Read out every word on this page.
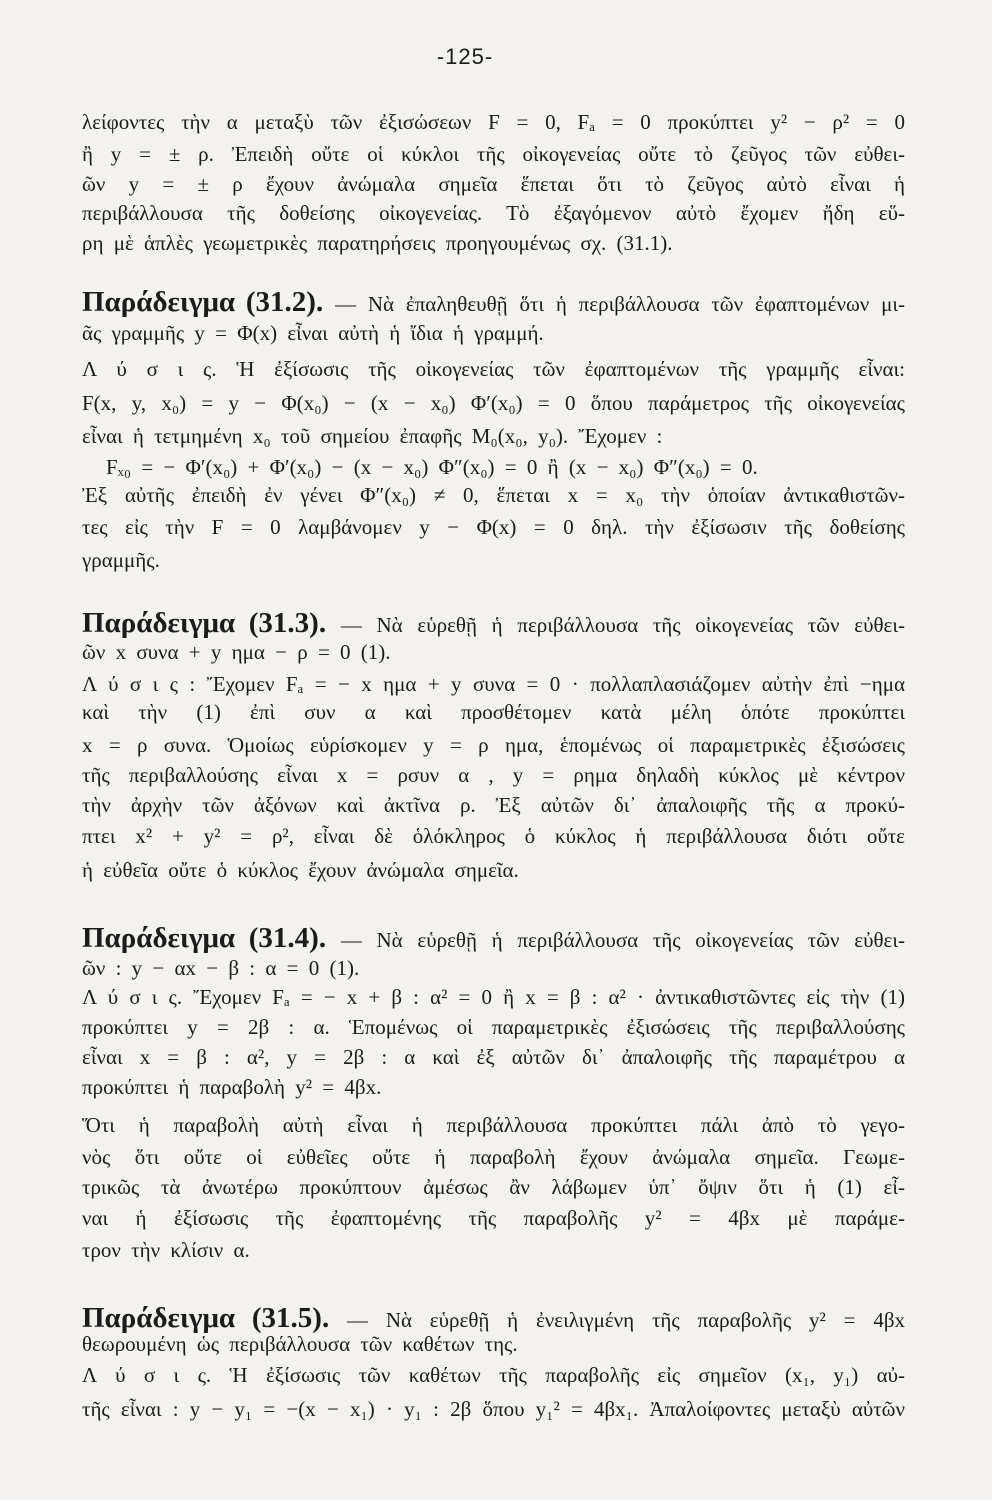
-125-
λείφοντες τὴν α μεταξὺ τῶν ἐξισώσεων F = 0, Fₐ = 0 προκύπτει y² − ρ² = 0
ἢ y = ± ρ. Ἐπειδὴ οὔτε οἱ κύκλοι τῆς οἰκογενείας οὔτε τὸ ζεῦγος τῶν εὐθει-
ῶν y = ± ρ ἔχουν ἀνώμαλα σημεῖα ἕπεται ὅτι τὸ ζεῦγος αὐτὸ εἶναι ἡ
περιβάλλουσα τῆς δοθείσης οἰκογενείας. Τὸ ἐξαγόμενον αὐτὸ ἔχομεν ἤδη εὕ-
ρη μὲ ἁπλὲς γεωμετρικὲς παρατηρήσεις προηγουμένως σχ. (31.1).
Παράδειγμα (31.2). — Νὰ ἐπαληθευθῇ ὅτι ἡ περιβάλλουσα τῶν ἐφαπτομένων μι-
ᾶς γραμμῆς y = Φ(x) εἶναι αὐτὴ ἡ ἴδια ἡ γραμμή.
Λ ύ σ ι ς. Ἡ ἐξίσωσις τῆς οἰκογενείας τῶν ἐφαπτομένων τῆς γραμμῆς εἶναι:
F(x, y, x₀) = y − Φ(x₀) − (x − x₀) Φ′(x₀) = 0 ὅπου παράμετρος τῆς οἰκογενείας
εἶναι ἡ τετμημένη x₀ τοῦ σημείου ἐπαφῆς M₀(x₀, y₀). Ἔχομεν :
Fₓ₀ = − Φ′(x₀) + Φ′(x₀) − (x − x₀) Φ″(x₀) = 0 ἢ (x − x₀) Φ″(x₀) = 0.
Ἐξ αὐτῆς ἐπειδὴ ἐν γένει Φ″(x₀) ≠ 0, ἕπεται x = x₀ τὴν ὁποίαν ἀντικαθιστῶν-
τες εἰς τὴν F = 0 λαμβάνομεν y − Φ(x) = 0 δηλ. τὴν ἐξίσωσιν τῆς δοθείσης
γραμμῆς.
Παράδειγμα (31.3). — Νὰ εὑρεθῇ ἡ περιβάλλουσα τῆς οἰκογενείας τῶν εὐθει-
ῶν x συνα + y ημα − ρ = 0 (1).
Λ ύ σ ι ς : Ἔχομεν Fₐ = − x ημα + y συνα = 0 · πολλαπλασιάζομεν αὐτὴν ἐπὶ −ημα
καὶ τὴν (1) ἐπὶ συν α καὶ προσθέτομεν κατὰ μέλη ὁπότε προκύπτει
x = ρ συνα. Ὁμοίως εὑρίσκομεν y = ρ ημα, ἑπομένως οἱ παραμετρικὲς ἐξισώσεις
τῆς περιβαλλούσης εἶναι x = ρσυν α , y = ρημα δηλαδὴ κύκλος μὲ κέντρον
τὴν ἀρχὴν τῶν ἀξόνων καὶ ἀκτῖνα ρ. Ἐξ αὐτῶν δι᾽ ἀπαλοιφῆς τῆς α προκύ-
πτει x² + y² = ρ², εἶναι δὲ ὁλόκληρος ὁ κύκλος ἡ περιβάλλουσα διότι οὔτε
ἡ εὐθεῖα οὔτε ὁ κύκλος ἔχουν ἀνώμαλα σημεῖα.
Παράδειγμα (31.4). — Νὰ εὑρεθῇ ἡ περιβάλλουσα τῆς οἰκογενείας τῶν εὐθει-
ῶν : y − αx − β : α = 0 (1).
Λ ύ σ ι ς. Ἔχομεν Fₐ = − x + β : α² = 0 ἢ x = β : α² · ἀντικαθιστῶντες εἰς τὴν (1)
προκύπτει y = 2β : α. Ἑπομένως οἱ παραμετρικὲς ἐξισώσεις τῆς περιβαλλούσης
εἶναι x = β : α², y = 2β : α καὶ ἐξ αὐτῶν δι᾽ ἀπαλοιφῆς τῆς παραμέτρου α
προκύπτει ἡ παραβολὴ y² = 4βx.
Ὅτι ἡ παραβολὴ αὐτὴ εἶναι ἡ περιβάλλουσα προκύπτει πάλι ἀπὸ τὸ γεγο-
νὸς ὅτι οὔτε οἱ εὐθεῖες οὔτε ἡ παραβολὴ ἔχουν ἀνώμαλα σημεῖα. Γεωμε-
τρικῶς τὰ ἀνωτέρω προκύπτουν ἀμέσως ἂν λάβωμεν ὑπ᾽ ὄψιν ὅτι ἡ (1) εἶ-
ναι ἡ ἐξίσωσις τῆς ἐφαπτομένης τῆς παραβολῆς y² = 4βx μὲ παράμε-
τρον τὴν κλίσιν α.
Παράδειγμα (31.5). — Νὰ εὑρεθῇ ἡ ἐνειλιγμένη τῆς παραβολῆς y² = 4βx
θεωρουμένη ὡς περιβάλλουσα τῶν καθέτων της.
Λ ύ σ ι ς. Ἡ ἐξίσωσις τῶν καθέτων τῆς παραβολῆς εἰς σημεῖον (x₁, y₁) αὐ-
τῆς εἶναι : y − y₁ = −(x − x₁) · y₁ : 2β ὅπου y₁² = 4βx₁. Ἀπαλοίφοντες μεταξὺ αὐτῶν
